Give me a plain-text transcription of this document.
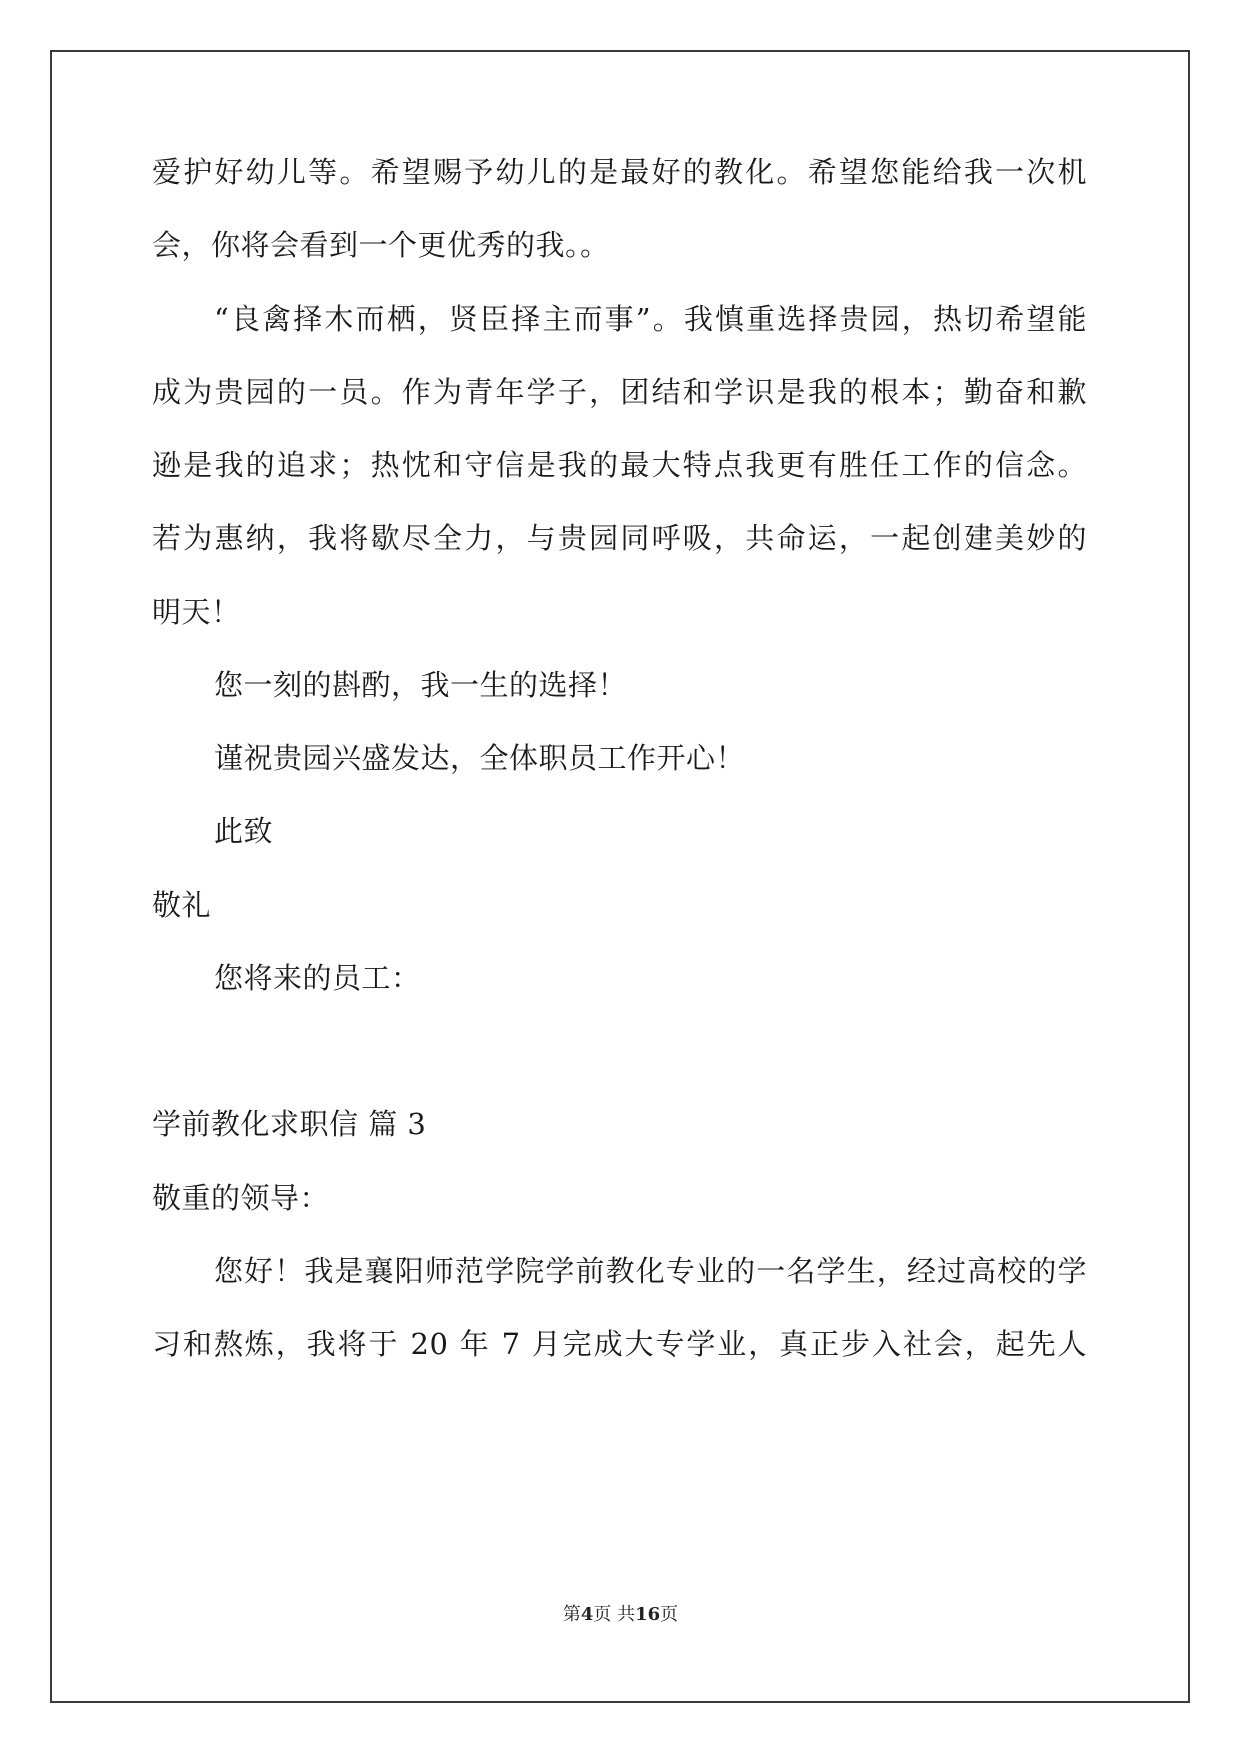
爱护好幼儿等。希望赐予幼儿的是最好的教化。希望您能给我一次机
会，你将会看到一个更优秀的我。。
“良禽择木而栖，贤臣择主而事”。我慎重选择贵园，热切希望能
成为贵园的一员。作为青年学子，团结和学识是我的根本；勤奋和歉
逊是我的追求；热忱和守信是我的最大特点我更有胜任工作的信念。
若为惠纳，我将歇尽全力，与贵园同呼吸，共命运，一起创建美妙的
明天！
您一刻的斟酌，我一生的选择！
谨祝贵园兴盛发达，全体职员工作开心！
此致
敬礼
您将来的员工：
学前教化求职信 篇 3
敬重的领导：
您好！我是襄阳师范学院学前教化专业的一名学生，经过高校的学
习和熬炼，我将于 20 年 7 月完成大专学业，真正步入社会，起先人
第4页 共16页
